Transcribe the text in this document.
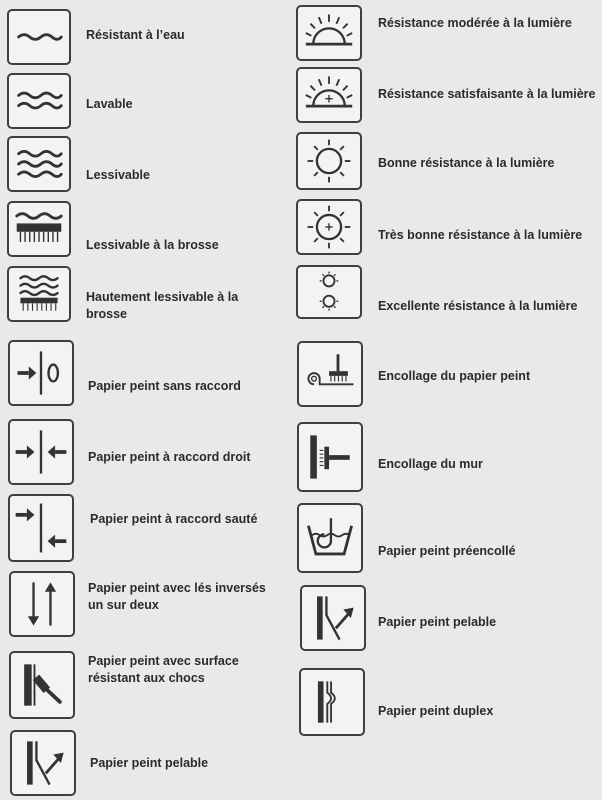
Résistant à l’eau
Lavable
Lessivable
Lessivable à la brosse
Hautement lessivable à la brosse
Papier peint sans raccord
Papier peint à raccord droit
Papier peint à raccord sauté
Papier peint avec lés inversés un sur deux
Papier peint avec surface résistant aux chocs
Papier peint pelable
Résistance modérée à la lumière
Résistance satisfaisante à la lumière
Bonne résistance à la lumière
Très bonne résistance à la lumière
Excellente résistance à la lumière
Encollage du papier peint
Encollage du mur
Papier peint préencollé
Papier peint pelable
Papier peint duplex
